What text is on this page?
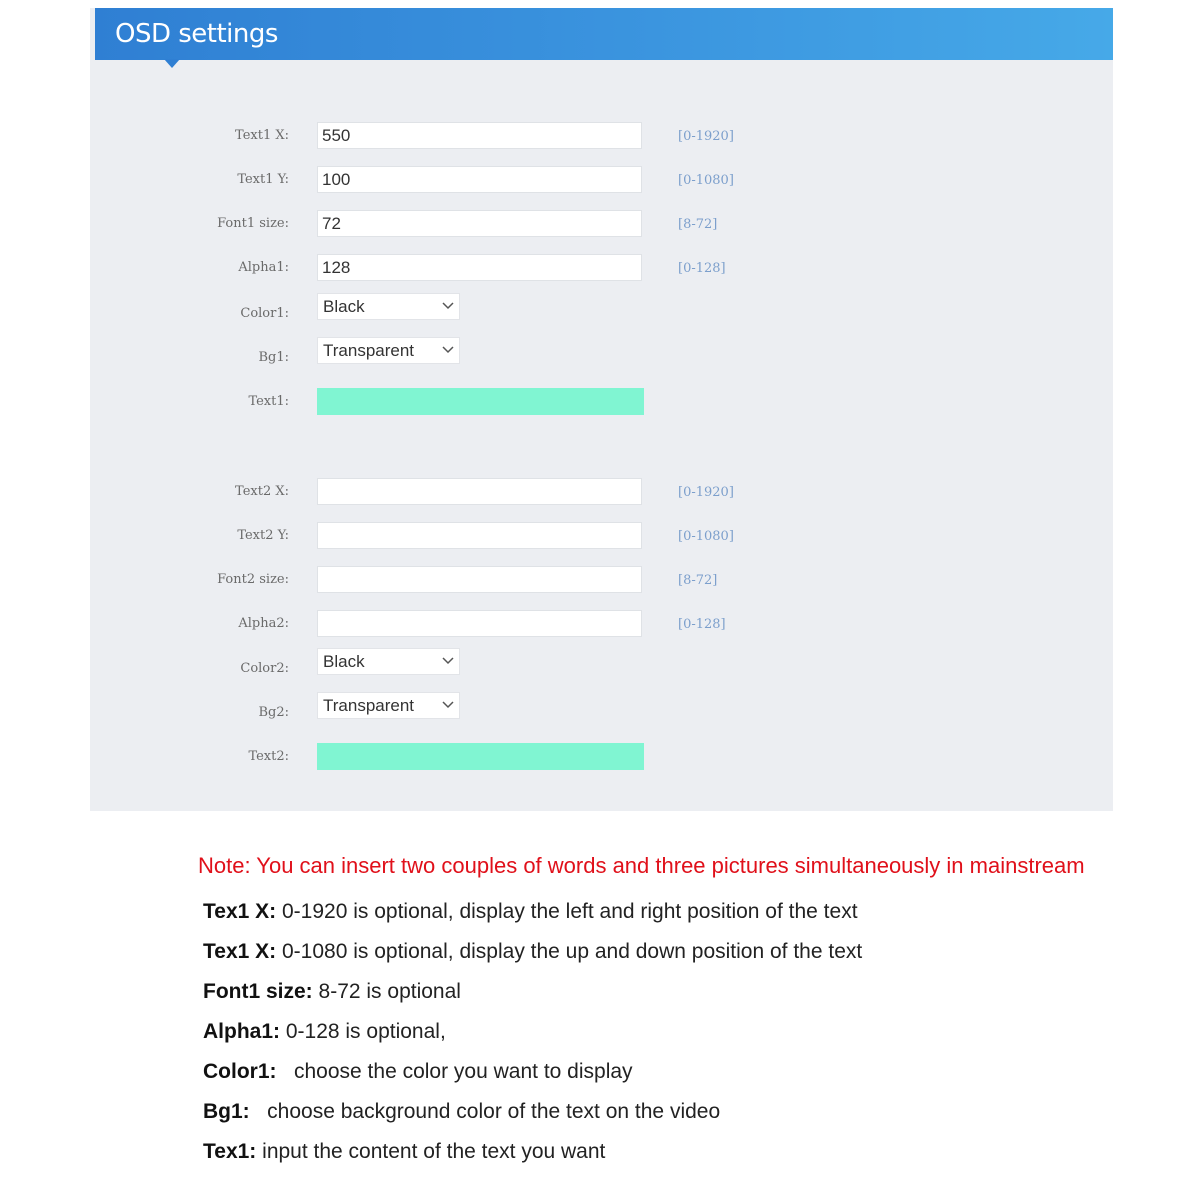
OSD settings
Text1 X:
550	[0-1920]
Text1 Y:
100	[0-1080]
Font1 size:
72	[8-72]
Alpha1:
128	[0-128]
Color1: Black
Bg1: Transparent
Text1:
Text2 X:	[0-1920]
Text2 Y:	[0-1080]
Font2 size:	[8-72]
Alpha2:	[0-128]
Color2: Black
Bg2: Transparent
Text2:
Note: You can insert two couples of words and three pictures simultaneously in mainstream
Tex1 X: 0-1920 is optional, display the left and right position of the text
Tex1 X: 0-1080 is optional, display the up and down position of the text
Font1 size: 8-72 is optional
Alpha1: 0-128 is optional,
Color1:   choose the color you want to display
Bg1:   choose background color of the text on the video
Tex1: input the content of the text you want
